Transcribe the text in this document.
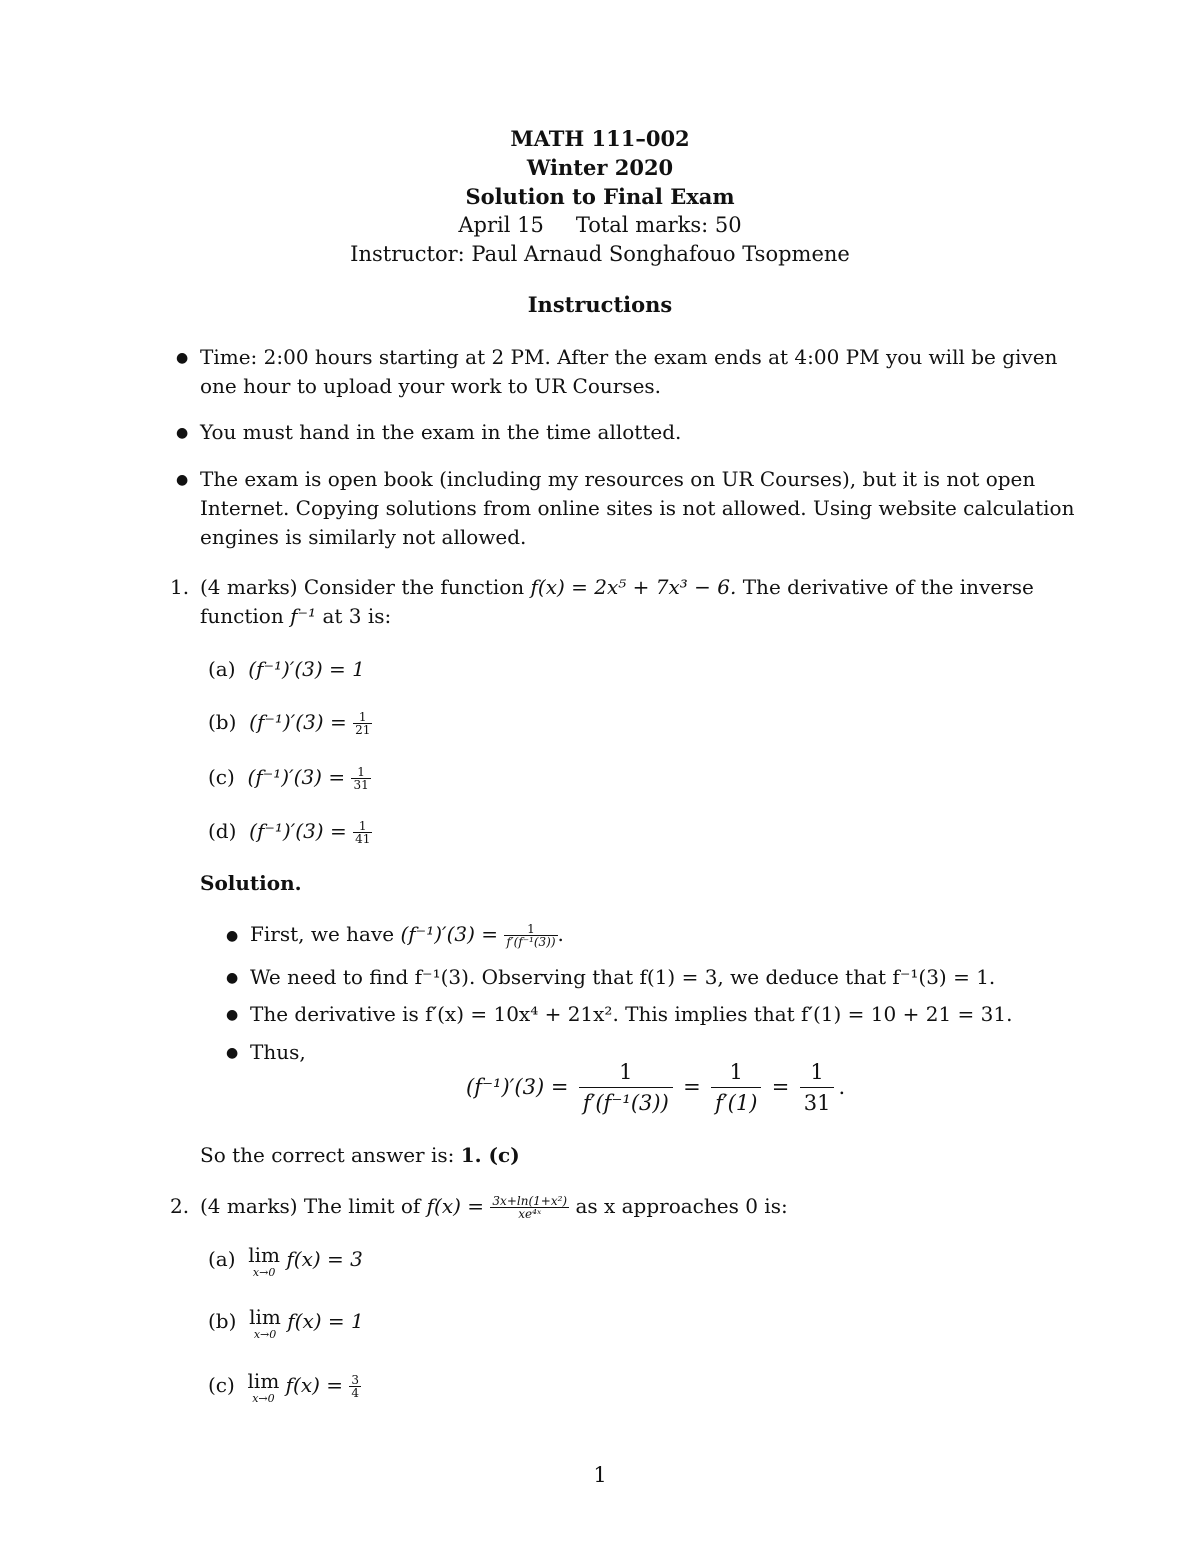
MATH 111–002
Winter 2020
Solution to Final Exam
April 15 Total marks: 50
Instructor: Paul Arnaud Songhafouo Tsopmene
Instructions
● Time: 2:00 hours starting at 2 PM. After the exam ends at 4:00 PM you will be given
one hour to upload your work to UR Courses.
● You must hand in the exam in the time allotted.
● The exam is open book (including my resources on UR Courses), but it is not open
Internet. Copying solutions from online sites is not allowed. Using website calculation
engines is similarly not allowed.
1. (4 marks) Consider the function f(x) = 2x⁵ + 7x³ − 6. The derivative of the inverse
function f⁻¹ at 3 is:
(a) (f⁻¹)′(3) = 1
(b) $(f^{-1})'(3) = \frac{1}{21}$
(c) $(f^{-1})'(3) = \frac{1}{31}$
(d) $(f^{-1})'(3) = \frac{1}{41}$
Solution.
● First, we have $(f^{-1})'(3) = \frac{1}{\text{f′(f⁻¹(3))}}$ .
● We need to find f⁻¹(3). Observing that f(1) = 3, we deduce that f⁻¹(3) = 1.
● The derivative is f′(x) = 10x⁴ + 21x². This implies that f′(1) = 10 + 21 = 31.
● Thus,
$(f^{-1})'(3) = \frac{1}{\text{f′(f⁻¹(3))}} = \frac{1}{f'(1)} = \frac{1}{31}$ .
So the correct answer is: 1. (c)
2. (4 marks) The limit of $f(x) = \frac{\text{3x+ln(1+x²)}}{\text{xe⁴ˣ}}$ as x approaches 0 is:
(a) lim
x→0
f(x) = 3
(b) lim
x→0
f(x) = 1
(c) lim
x→0
$f(x) = \frac{3}{4}$
1
